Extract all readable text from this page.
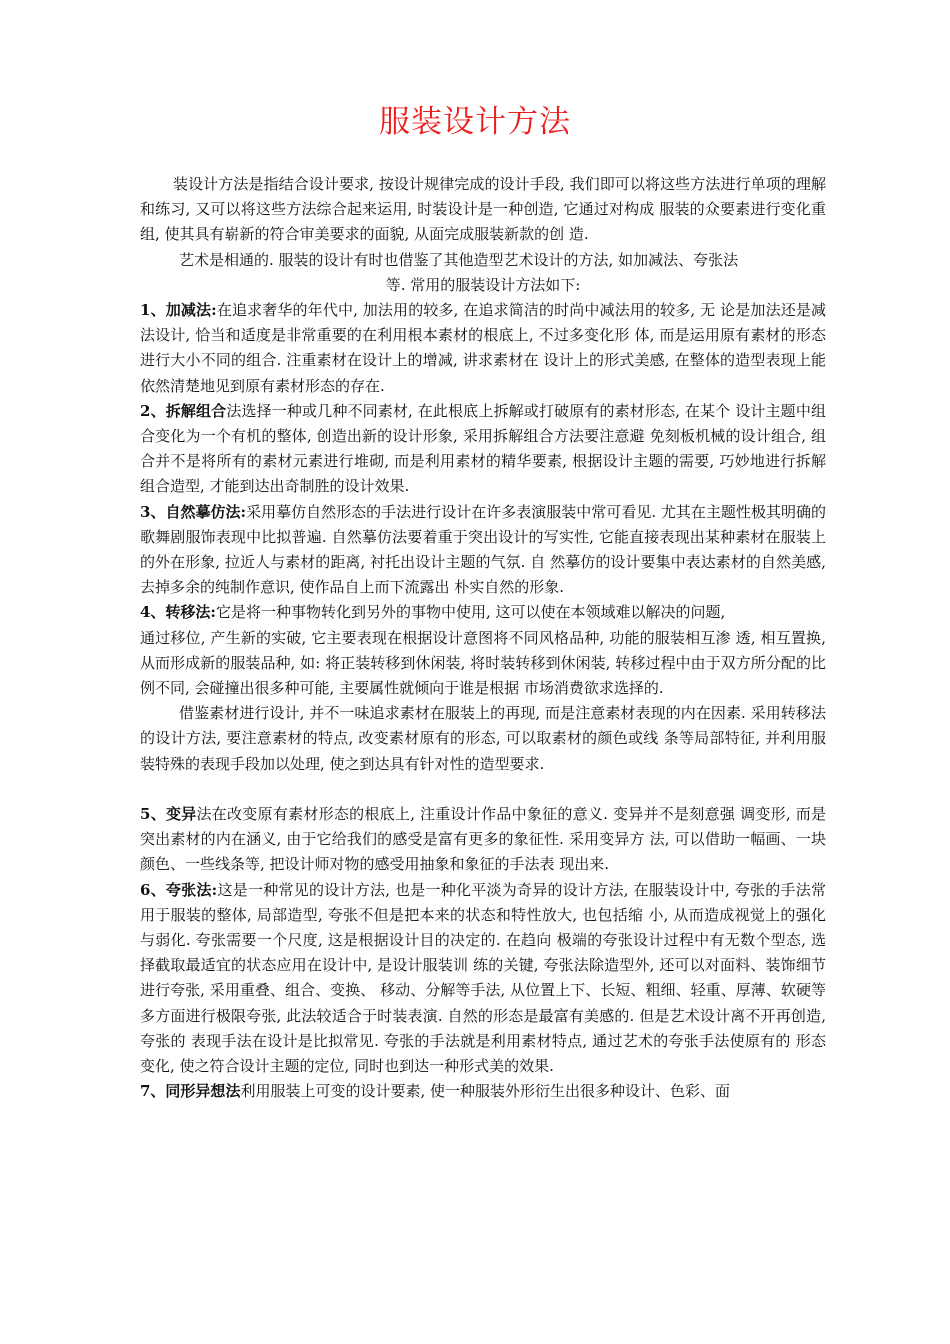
服装设计方法

装设计方法是指结合设计要求, 按设计规律完成的设计手段, 我们即可以将这些方法进行单项的理解和练习, 又可以将这些方法综合起来运用, 时装设计是一种创造, 它通过对构成 服装的众要素进行变化重组, 使其具有崭新的符合审美要求的面貌, 从面完成服装新款的创 造.

艺术是相通的. 服装的设计有时也借鉴了其他造型艺术设计的方法, 如加减法、夸张法

等. 常用的服装设计方法如下:

1、加减法:在追求奢华的年代中, 加法用的较多, 在追求简洁的时尚中减法用的较多, 无 论是加法还是减法设计, 恰当和适度是非常重要的在利用根本素材的根底上, 不过多变化形 体, 而是运用原有素材的形态进行大小不同的组合. 注重素材在设计上的增减, 讲求素材在 设计上的形式美感, 在整体的造型表现上能依然清楚地见到原有素材形态的存在.

2、拆解组合法选择一种或几种不同素材, 在此根底上拆解或打破原有的素材形态, 在某个 设计主题中组合变化为一个有机的整体, 创造出新的设计形象, 采用拆解组合方法要注意避 免刻板机械的设计组合, 组合并不是将所有的素材元素进行堆砌, 而是利用素材的精华要素, 根据设计主题的需要, 巧妙地进行拆解组合造型, 才能到达出奇制胜的设计效果.

3、自然摹仿法:采用摹仿自然形态的手法进行设计在许多表演服装中常可看见. 尤其在主题性极其明确的歌舞剧服饰表现中比拟普遍. 自然摹仿法要着重于突出设计的写实性, 它能直接表现出某种素材在服装上的外在形象, 拉近人与素材的距离, 衬托出设计主题的气氛. 自 然摹仿的设计要集中表达素材的自然美感, 去掉多余的纯制作意识, 使作品自上而下流露出 朴实自然的形象.

4、转移法:它是将一种事物转化到另外的事物中使用, 这可以使在本领域难以解决的问题,

通过移位, 产生新的实破, 它主要表现在根据设计意图将不同风格品种, 功能的服装相互渗 透, 相互置换, 从而形成新的服装品种, 如: 将正装转移到休闲装, 将时装转移到休闲装, 转移过程中由于双方所分配的比例不同, 会碰撞出很多种可能, 主要属性就倾向于谁是根据 市场消费欲求选择的.

借鉴素材进行设计, 并不一味追求素材在服装上的再现, 而是注意素材表现的内在因素. 采用转移法的设计方法, 要注意素材的特点, 改变素材原有的形态, 可以取素材的颜色或线 条等局部特征, 并利用服装特殊的表现手段加以处理, 使之到达具有针对性的造型要求.

5、变异法在改变原有素材形态的根底上, 注重设计作品中象征的意义. 变异并不是刻意强 调变形, 而是突出素材的内在涵义, 由于它给我们的感受是富有更多的象征性. 采用变异方 法, 可以借助一幅画、一块颜色、一些线条等, 把设计师对物的感受用抽象和象征的手法表 现出来.

6、夸张法:这是一种常见的设计方法, 也是一种化平淡为奇异的设计方法, 在服装设计中, 夸张的手法常用于服装的整体, 局部造型, 夸张不但是把本来的状态和特性放大, 也包括缩 小, 从而造成视觉上的强化与弱化. 夸张需要一个尺度, 这是根据设计目的决定的. 在趋向 极端的夸张设计过程中有无数个型态, 选择截取最适宜的状态应用在设计中, 是设计服装训 练的关键, 夸张法除造型外, 还可以对面料、装饰细节进行夸张, 采用重叠、组合、变换、 移动、分解等手法, 从位置上下、长短、粗细、轻重、厚薄、软硬等多方面进行极限夸张, 此法较适合于时装表演. 自然的形态是最富有美感的. 但是艺术设计离不开再创造, 夸张的 表现手法在设计是比拟常见. 夸张的手法就是利用素材特点, 通过艺术的夸张手法使原有的 形态变化, 使之符合设计主题的定位, 同时也到达一种形式美的效果.

7、同形异想法利用服装上可变的设计要素, 使一种服装外形衍生出很多种设计、色彩、面
